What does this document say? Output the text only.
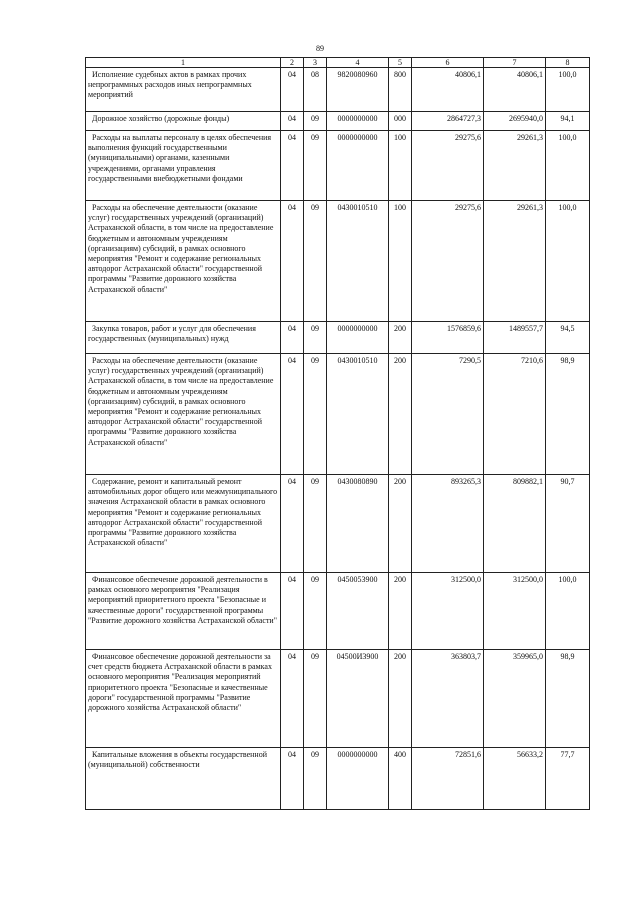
89
1	2	3	4	5	6	7	8
Исполнение судебных актов в рамках прочих непрограммных расходов иных непрограммных мероприятий	04	08	9820080960	800	40806,1	40806,1	100,0
Дорожное хозяйство (дорожные фонды)	04	09	0000000000	000	2864727,3	2695940,0	94,1
Расходы на выплаты персоналу в целях обеспечения выполнения функций государственными (муниципальными) органами, казенными учреждениями, органами управления государственными внебюджетными фондами	04	09	0000000000	100	29275,6	29261,3	100,0
Расходы на обеспечение деятельности (оказание услуг) государственных учреждений (организаций) Астраханской области, в том числе на предоставление бюджетным и автономным учреждениям (организациям) субсидий, в рамках основного мероприятия "Ремонт и содержание региональных автодорог Астраханской области" государственной программы "Развитие дорожного хозяйства Астраханской области"	04	09	0430010510	100	29275,6	29261,3	100,0
Закупка товаров, работ и услуг для обеспечения государственных (муниципальных) нужд	04	09	0000000000	200	1576859,6	1489557,7	94,5
Расходы на обеспечение деятельности (оказание услуг) государственных учреждений (организаций) Астраханской области, в том числе на предоставление бюджетным и автономным учреждениям (организациям) субсидий, в рамках основного мероприятия "Ремонт и содержание региональных автодорог Астраханской области" государственной программы "Развитие дорожного хозяйства Астраханской области"	04	09	0430010510	200	7290,5	7210,6	98,9
Содержание, ремонт и капитальный ремонт автомобильных дорог общего или межмуниципального значения Астраханской области в рамках основного мероприятия "Ремонт и содержание региональных автодорог Астраханской области" государственной программы "Развитие дорожного хозяйства Астраханской области"	04	09	0430080890	200	893265,3	809882,1	90,7
Финансовое обеспечение дорожной деятельности в рамках основного мероприятия "Реализация мероприятий приоритетного проекта "Безопасные и качественные дороги" государственной программы "Развитие дорожного хозяйства Астраханской области"	04	09	0450053900	200	312500,0	312500,0	100,0
Финансовое обеспечение дорожной деятельности за счет средств бюджета Астраханской области в рамках основного мероприятия "Реализация мероприятий приоритетного проекта "Безопасные и качественные дороги" государственной программы "Развитие дорожного хозяйства Астраханской области"	04	09	04500И3900	200	363803,7	359965,0	98,9
Капитальные вложения в объекты государственной (муниципальной) собственности	04	09	0000000000	400	72851,6	56633,2	77,7
